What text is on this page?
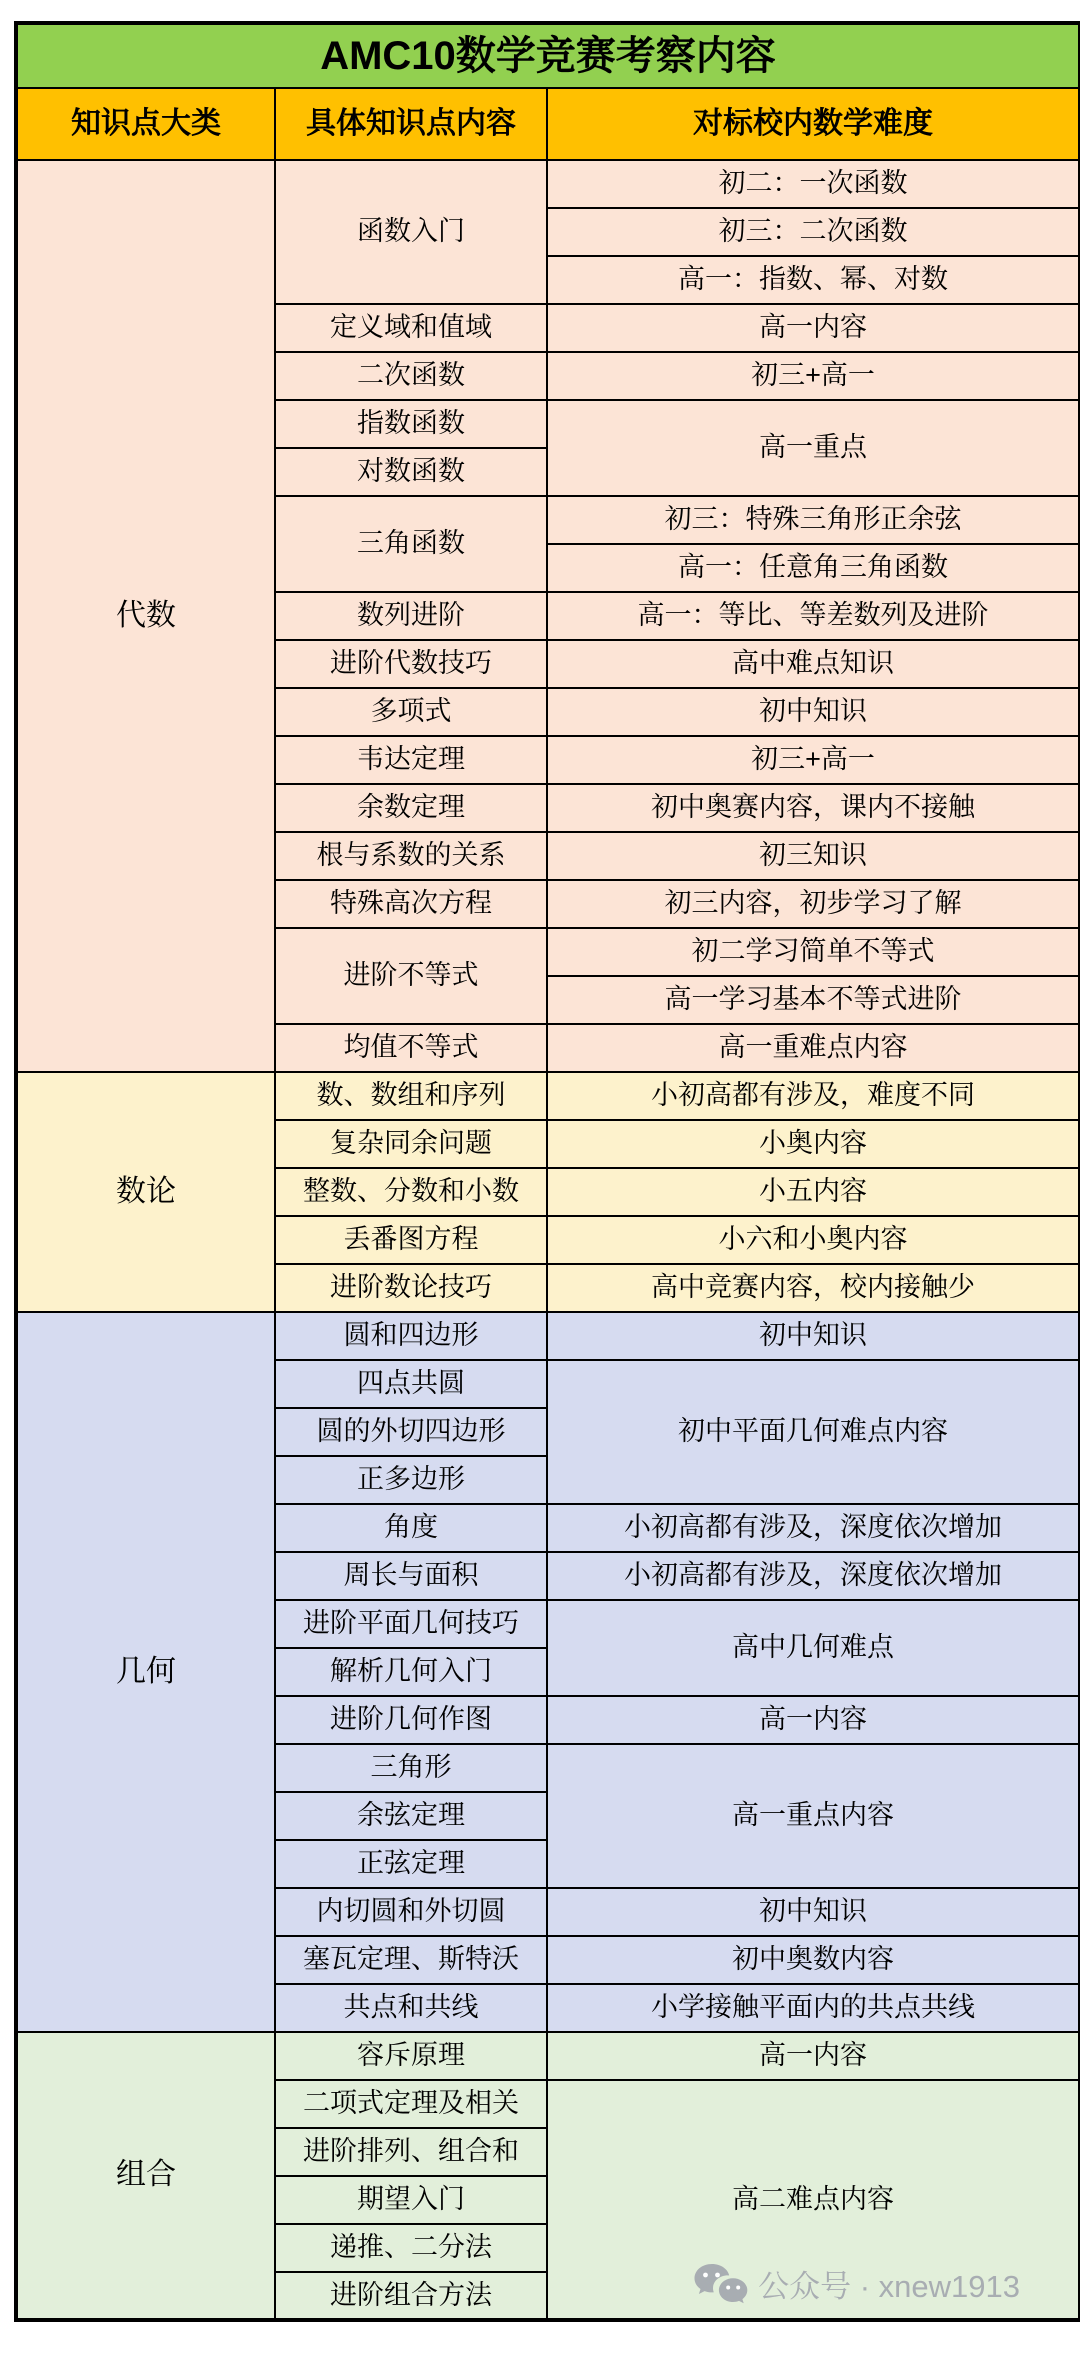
AMC10数学竞赛考察内容		
知识点大类	具体知识点内容	对标校内数学难度
代数	函数入门	初二：一次函数
		初三：二次函数
		高一：指数、幂、对数
	定义域和值域	高一内容
	二次函数	初三+高一
	指数函数	高一重点
	对数函数	
	三角函数	初三：特殊三角形正余弦
		高一：任意角三角函数
	数列进阶	高一：等比、等差数列及进阶
	进阶代数技巧	高中难点知识
	多项式	初中知识
	韦达定理	初三+高一
	余数定理	初中奥赛内容，课内不接触
	根与系数的关系	初三知识
	特殊高次方程	初三内容，初步学习了解
	进阶不等式	初二学习简单不等式
		高一学习基本不等式进阶
	均值不等式	高一重难点内容
数论	数、数组和序列	小初高都有涉及，难度不同
	复杂同余问题	小奥内容
	整数、分数和小数	小五内容
	丢番图方程	小六和小奥内容
	进阶数论技巧	高中竞赛内容，校内接触少
几何	圆和四边形	初中知识
	四点共圆	初中平面几何难点内容
	圆的外切四边形	
	正多边形	
	角度	小初高都有涉及，深度依次增加
	周长与面积	小初高都有涉及，深度依次增加
	进阶平面几何技巧	高中几何难点
	解析几何入门	
	进阶几何作图	高一内容
	三角形	高一重点内容
	余弦定理	
	正弦定理	
	内切圆和外切圆	初中知识
	塞瓦定理、斯特沃	初中奥数内容
	共点和共线	小学接触平面内的共点共线
组合	容斥原理	高一内容
	二项式定理及相关	高二难点内容
	进阶排列、组合和	
	期望入门	
	递推、二分法	
	进阶组合方法		公众号 · xnew1913
